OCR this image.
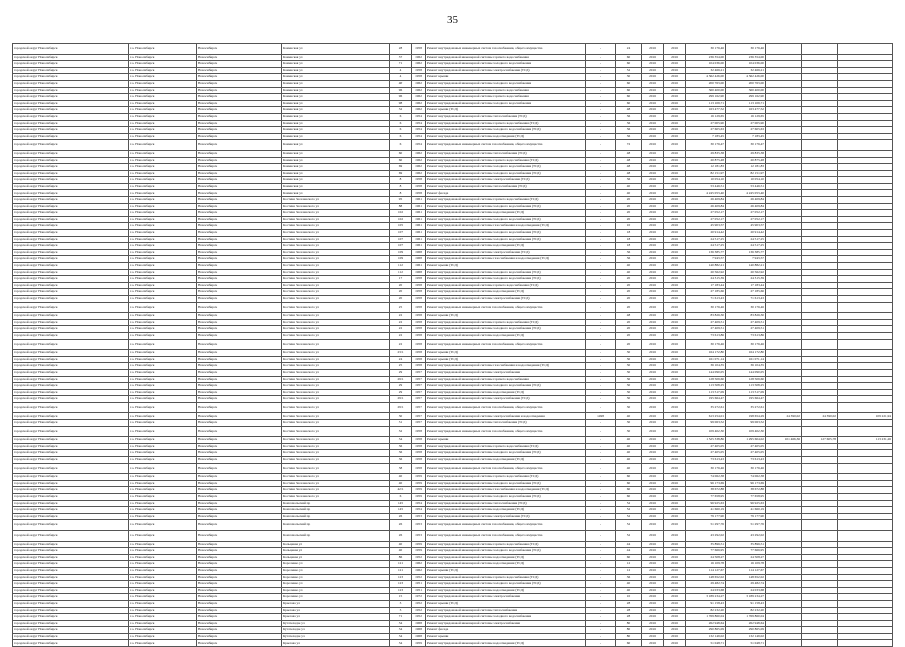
35
городской округ Новосибирск	г.о. Новосибирск	Новосибирск	Каменская ул	28	1958	Ремонт внутридомовых инженерных систем газоснабжения, общего имущества	-	24	2016	2016	30 176,46	30 176,46			
городской округ Новосибирск	г.о. Новосибирск	Новосибирск	Каменская ул	37	1962	Ремонт внутридомовой инженерной системы горячего водоснабжения	-	60	2016	2016	236 354,00	236 354,00			
городской округ Новосибирск	г.о. Новосибирск	Новосибирск	Каменская ул	71	1962	Ремонт внутридомовой инженерной системы холодного водоснабжения	-	60	2016	2016	104 036,00	104 036,00			
городской округ Новосибирск	г.о. Новосибирск	Новосибирск	Каменская ул	4	1958	Ремонт внутридомовой инженерной системы электроснабжения (ТСД)	-	52	2016	2016	32 466,21	32 466,21			
городской округ Новосибирск	г.о. Новосибирск	Новосибирск	Каменская ул	4	1958	Ремонт крыши	-	30	2016	2016	4 362 426,00	4 362 426,00			
городской округ Новосибирск	г.о. Новосибирск	Новосибирск	Каменская ул	4Р	1962	Ремонт внутридомовой инженерной системы холодного водоснабжения	-	60	2016	2016	200 763,00	200 763,00			
городской округ Новосибирск	г.о. Новосибирск	Новосибирск	Каменская ул	96	1962	Ремонт внутридомовой инженерной системы горячего водоснабжения	-	60	2016	2016	360 400,00	360 400,00			
городской округ Новосибирск	г.о. Новосибирск	Новосибирск	Каменская ул	96	1962	Ремонт внутридомовой инженерной системы горячего водоснабжения	-	60	2016	2016	299 162,90	299 162,90			
городской округ Новосибирск	г.о. Новосибирск	Новосибирск	Каменская ул	98	1962	Ремонт внутридомовой инженерной системы холодного водоснабжения	-	60	2016	2016	113 109,71	113 109,71			
городской округ Новосибирск	г.о. Новосибирск	Новосибирск	Каменская ул	32	1962	Ремонт крыши (ТСД)	-	48	2016	2016	163 477,52	163 477,52			
городской округ Новосибирск	г.о. Новосибирск	Новосибирск	Каменская ул	6	1954	Ремонт внутридомовой инженерной системы теплоснабжения (ТСД)	-	36	2016	2016	16 129,65	16 129,65			
городской округ Новосибирск	г.о. Новосибирск	Новосибирск	Каменская ул	6	1954	Ремонт внутридомовой инженерной системы горячего водоснабжения (ТСД)	-	36	2016	2016	27 005,90	27 005,90			
городской округ Новосибирск	г.о. Новосибирск	Новосибирск	Каменская ул	6	1954	Ремонт внутридомовой инженерной системы холодного водоснабжения (ТСД)	-	36	2016	2016	27 605,63	27 605,63			
городской округ Новосибирск	г.о. Новосибирск	Новосибирск	Каменская ул	6	1954	Ремонт внутридомовой инженерной системы водоотведения (ТСД)	-	36	2016	2016	7 183,45	7 183,45			
городской округ Новосибирск	г.о. Новосибирск	Новосибирск	Каменская ул	6	1954	Ремонт внутридомовых инженерных систем газоснабжения, общего имущества	-	72	2016	2016	30 176,47	30 176,47			
городской округ Новосибирск	г.о. Новосибирск	Новосибирск	Каменская ул	60	1962	Ремонт внутридомовой инженерной системы теплоснабжения (ТСД)	-	48	2016	2016	29 835,38	29 835,38			
городской округ Новосибирск	г.о. Новосибирск	Новосибирск	Каменская ул	60	1962	Ремонт внутридомовой инженерной системы горячего водоснабжения (ТСД)	-	48	2016	2016	20 875,48	20 875,48			
городской округ Новосибирск	г.о. Новосибирск	Новосибирск	Каменская ул	69	1962	Ремонт внутридомовой инженерной системы холодного водоснабжения (ТСД)	-	48	2016	2016	12 181,83	12 181,83			
городской округ Новосибирск	г.о. Новосибирск	Новосибирск	Каменская ул	69	1962	Ремонт внутридомовой инженерной системы холодного водоснабжения (ТСД)	-	48	2016	2016	82 151,97	82 151,97			
городской округ Новосибирск	г.о. Новосибирск	Новосибирск	Каменская ул	8	1958	Ремонт внутридомовой инженерной системы электроснабжения (ТСД)	-	36	2016	2016	10 054,10	10 054,10			
городской округ Новосибирск	г.о. Новосибирск	Новосибирск	Каменская ул	8	1958	Ремонт внутридомовой инженерной системы теплоснабжения (ТСД)	-	40	2016	2016	53 446,51	53 446,51			
городской округ Новосибирск	г.о. Новосибирск	Новосибирск	Каменская ул	8	1958	Ремонт фасада	-	40	2016	2016	4 245 053,40	4 245 053,40			
городской округ Новосибирск	г.о. Новосибирск	Новосибирск	Костина Заселенского ул	95	1961	Ремонт внутридомовой инженерной системы горячего водоснабжения (ТСД)	-	20	2016	2016	26 409,84	26 409,84			
городской округ Новосибирск	г.о. Новосибирск	Новосибирск	Костина Заселенского ул	88	1961	Ремонт внутридомовой инженерной системы холодного водоснабжения (ТСД)	-	20	2016	2016	26 409,84	26 409,84			
городской округ Новосибирск	г.о. Новосибирск	Новосибирск	Костина Заселенского ул	102	1961	Ремонт внутридомовой инженерной системы водоотведения (ТСД)	-	20	2016	2016	27 052,17	27 052,17			
городской округ Новосибирск	г.о. Новосибирск	Новосибирск	Костина Заселенского ул	102	1961	Ремонт внутридомовой инженерной системы холодного водоснабжения (ТСД)	-	20	2016	2016	27 052,17	27 052,17			
городской округ Новосибирск	г.о. Новосибирск	Новосибирск	Костина Заселенского ул	105	1961	Ремонт внутридомовой инженерной системы газоснабжения и водоотведения (ТСД)	-	10	2016	2016	45 903,57	45 903,57			
городской округ Новосибирск	г.о. Новосибирск	Новосибирск	Костина Заселенского ул	107	1961	Ремонт внутридомовой инженерной системы холодного водоснабжения (ТСД)	-	18	2016	2016	20 914,42	20 914,42			
городской округ Новосибирск	г.о. Новосибирск	Новосибирск	Костина Заселенского ул	107	1961	Ремонт внутридомовой инженерной системы холодного водоснабжения (ТСД)	-	18	2016	2016	24 517,25	24 517,25			
городской округ Новосибирск	г.о. Новосибирск	Новосибирск	Костина Заселенского ул	107	1961	Ремонт внутридомовой инженерной системы водоотведения (ТСД)	-	18	2016	2016	24 517,25	24 517,25			
городской округ Новосибирск	г.о. Новосибирск	Новосибирск	Костина Заселенского ул	109	1968	Ремонт внутридомовой инженерной системы электроснабжения (ТСД)	-	36	2016	2016	136 385,77	136 385,77			
городской округ Новосибирск	г.о. Новосибирск	Новосибирск	Костина Заселенского ул	109	1968	Ремонт внутридомовой инженерной системы газоснабжения и водоотведения (ТСД)	-	36	2016	2016	7 943,57	7 943,57			
городской округ Новосибирск	г.о. Новосибирск	Новосибирск	Костина Заселенского ул	112	1961	Ремонт крыши (ТСД)	-	40	2016	2016	140 882,21	140 882,21			
городской округ Новосибирск	г.о. Новосибирск	Новосибирск	Костина Заселенского ул	112	1968	Ремонт внутридомовой инженерной системы холодного водоснабжения (ТСД)	-	40	2016	2016	20 562,92	20 562,92			
городской округ Новосибирск	г.о. Новосибирск	Новосибирск	Костина Заселенского ул	17	1958	Ремонт внутридомовой инженерной системы холодного водоснабжения (ТСД)	-	20	2016	2016	24 315,39	24 315,39			
городской округ Новосибирск	г.о. Новосибирск	Новосибирск	Костина Заселенского ул	20	1958	Ремонт внутридомовой инженерной системы горячего водоснабжения (ТСД)	-	20	2016	2016	17 183,44	17 183,44			
городской округ Новосибирск	г.о. Новосибирск	Новосибирск	Костина Заселенского ул	20	1958	Ремонт внутридомовой инженерной системы водоотведения (ТСД)	-	20	2016	2016	27 185,66	27 185,66			
городской округ Новосибирск	г.о. Новосибирск	Новосибирск	Костина Заселенского ул	20	1958	Ремонт внутридомовой инженерной системы электроснабжения (ТСД)	-	20	2016	2016	71 613,43	71 613,43			
городской округ Новосибирск	г.о. Новосибирск	Новосибирск	Костина Заселенского ул	25	1958	Ремонт внутридомовых инженерных систем газоснабжения, общего имущества	-	20	2016	2016	30 176,46	30 176,46			
городской округ Новосибирск	г.о. Новосибирск	Новосибирск	Костина Заселенского ул	22	1958	Ремонт крыши (ТСД)	-	48	2016	2016	83 826,30	83 826,30			
городской округ Новосибирск	г.о. Новосибирск	Новосибирск	Костина Заселенского ул	22	1958	Ремонт внутридомовой инженерной системы горячего водоснабжения (ТСД)	-	20	2016	2016	27 409,51	27 409,51			
городской округ Новосибирск	г.о. Новосибирск	Новосибирск	Костина Заселенского ул	22	1958	Ремонт внутридомовой инженерной системы холодного водоснабжения (ТСД)	-	20	2016	2016	27 409,51	27 409,51			
городской округ Новосибирск	г.о. Новосибирск	Новосибирск	Костина Заселенского ул	22	1958	Ремонт внутридомовой инженерной системы водоотведения (ТСД)	-	20	2016	2016	73 613,86	73 613,86			
городской округ Новосибирск	г.о. Новосибирск	Новосибирск	Костина Заселенского ул	22	1958	Ремонт внутридомовых инженерных систем газоснабжения, общего имущества	-	20	2016	2016	30 176,46	30 176,46			
городской округ Новосибирск	г.о. Новосибирск	Новосибирск	Костина Заселенского ул	23/1	1958	Ремонт крыши (ТСД)	-	30	2016	2016	164 172,80	164 172,80			
городской округ Новосибирск	г.о. Новосибирск	Новосибирск	Костина Заселенского ул	24	1958	Ремонт крыши (ТСД)	-	30	2016	2016	161 071,14	161 071,14			
городской округ Новосибирск	г.о. Новосибирск	Новосибирск	Костина Заселенского ул	25	1958	Ремонт внутридомовой инженерной системы газоснабжения и водоотведения (ТСД)	-	30	2016	2016	36 104,35	36 104,35			
городской округ Новосибирск	г.о. Новосибирск	Новосибирск	Костина Заселенского ул	29	1957	Ремонт внутридомовой инженерной системы электроснабжения	-	30	2016	2016	144 090,05	144 090,05			
городской округ Новосибирск	г.о. Новосибирск	Новосибирск	Костина Заселенского ул	29/1	1957	Ремонт внутридомовой инженерной системы горячего водоснабжения	-	30	2016	2016	128 509,60	128 509,60			
городской округ Новосибирск	г.о. Новосибирск	Новосибирск	Костина Заселенского ул	29	1957	Ремонт внутридомовой инженерной системы холодного водоснабжения (ТСД)	-	30	2016	2016	113 508,25	113 508,25			
городской округ Новосибирск	г.о. Новосибирск	Новосибирск	Костина Заселенского ул	29	1957	Ремонт внутридомовой инженерной системы водоотведения (ТСД)	-	30	2016	2016	113 517,09	113 517,09			
городской округ Новосибирск	г.о. Новосибирск	Новосибирск	Костина Заселенского ул	29/1	1957	Ремонт внутридомовой инженерной системы электроснабжения (ТСД)	-	30	2016	2016	195 664,47	195 664,47			
городской округ Новосибирск	г.о. Новосибирск	Новосибирск	Костина Заселенского ул	29/1	1957	Ремонт внутридомовых инженерных систем газоснабжения, общего имущества	-	30	2016	2016	35 272,61	35 272,61			
городской округ Новосибирск	г.о. Новосибирск	Новосибирск	Костина Заселенского ул	30	1957	Ремонт внутридомовой инженерной системы электроснабжения и водоотведения	1498	40	2016	2016	613 254,01	198 654,29	24 390,02	24 390,02	109 221,94
городской округ Новосибирск	г.о. Новосибирск	Новосибирск	Костина Заселенского ул	31	1957	Ремонт внутридомовой инженерной системы теплоснабжения (ТСД)	-	30	2016	2016	99 063,52	99 063,52			
городской округ Новосибирск	г.о. Новосибирск	Новосибирск	Костина Заселенского ул	32	1958	Ремонт внутридомовых инженерных систем газоснабжения, общего имущества	-	30	2016	2016	109 402,30	109 402,30			
городской округ Новосибирск	г.о. Новосибирск	Новосибирск	Костина Заселенского ул	34	1958	Ремонт крыши	-	40	2016	2016	1 525 338,86	1 295 604,02	101 466,36	127 605,78	113 231,26
городской округ Новосибирск	г.о. Новосибирск	Новосибирск	Костина Заселенского ул	36	1958	Ремонт внутридомовой инженерной системы горячего водоснабжения (ТСД)	-	40	2016	2016	27 405,05	27 405,05			
городской округ Новосибирск	г.о. Новосибирск	Новосибирск	Костина Заселенского ул	36	1958	Ремонт внутридомовой инженерной системы холодного водоснабжения (ТСД)	-	40	2016	2016	27 405,05	27 405,05			
городской округ Новосибирск	г.о. Новосибирск	Новосибирск	Костина Заселенского ул	36	1958	Ремонт внутридомовой инженерной системы водоотведения (ТСД)	-	40	2016	2016	73 613,43	73 613,43			
городской округ Новосибирск	г.о. Новосибирск	Новосибирск	Костина Заселенского ул	38	1958	Ремонт внутридомовых инженерных систем газоснабжения, общего имущества	-	40	2016	2016	30 176,46	30 176,46			
городской округ Новосибирск	г.о. Новосибирск	Новосибирск	Костина Заселенского ул	40	1959	Ремонт внутридомовой инженерной системы горячего водоснабжения (ТСД)	-	60	2016	2016	74 062,38	74 062,38			
городской округ Новосибирск	г.о. Новосибирск	Новосибирск	Костина Заселенского ул	40	1959	Ремонт внутридомовой инженерной системы холодного водоснабжения (ТСД)	-	60	2016	2016	96 173,69	96 173,69			
городской округ Новосибирск	г.о. Новосибирск	Новосибирск	Костина Заселенского ул	42/1	1959	Ремонт внутридомовой инженерной системы газоснабжения и водоотведения (ТСД)	-	60	2016	2016	38 672,88	38 672,88			
городской округ Новосибирск	г.о. Новосибирск	Новосибирск	Костина Заселенского ул	6	1959	Ремонт внутридомовой инженерной системы холодного водоснабжения (ТСД)	-	60	2016	2016	77 658,95	77 658,95			
городской округ Новосибирск	г.о. Новосибирск	Новосибирск	Комсомольский пр	145	1954	Ремонт внутридомовой инженерной системы теплоснабжения (ТСД)	-	52	2016	2016	96 925,63	96 925,63			
городской округ Новосибирск	г.о. Новосибирск	Новосибирск	Комсомольский пр	145	1954	Ремонт внутридомовой инженерной системы водоотведения (ТСД)	-	52	2016	2016	41 660,19	41 660,19			
городской округ Новосибирск	г.о. Новосибирск	Новосибирск	Комсомольский пр	26	1953	Ремонт внутридомовой инженерной системы электроснабжения (ТСД)	-	52	2016	2016	79 177,90	79 177,90			
городской округ Новосибирск	г.о. Новосибирск	Новосибирск	Комсомольский пр	26	1953	Ремонт внутридомовых инженерных систем газоснабжения, общего имущества	-	52	2016	2016	51 297,76	51 297,76			
городской округ Новосибирск	г.о. Новосибирск	Новосибирск	Комсомольский пр	26	1953	Ремонт внутридомовых инженерных систем газоснабжения, общего имущества	-	52	2016	2016	43 292,02	43 292,02			
городской округ Новосибирск	г.о. Новосибирск	Новосибирск	Кольцевая ул	40	1959	Ремонт внутридомовой инженерной системы горячего водоснабжения (ТСД)	-	44	2016	2016	35 896,51	35 896,51			
городской округ Новосибирск	г.о. Новосибирск	Новосибирск	Кольцевая ул	40	1959	Ремонт внутридомовой инженерной системы холодного водоснабжения (ТСД)	-	44	2016	2016	77 666,95	77 666,95			
городской округ Новосибирск	г.о. Новосибирск	Новосибирск	Кольцевая ул	86	1952	Ремонт внутридомовой инженерной системы водоотведения (ТСД)	-	60	2016	2016	24 508,27	24 508,27			
городской округ Новосибирск	г.о. Новосибирск	Новосибирск	Короленко ул	121	1962	Ремонт внутридомовой инженерной системы водоотведения (ТСД)	-	12	2016	2016	16 109,78	16 109,78			
городской округ Новосибирск	г.о. Новосибирск	Новосибирск	Короленко ул	121	1962	Ремонт крыши (ТСД)	-	12	2016	2016	114 127,67	114 127,67			
городской округ Новосибирск	г.о. Новосибирск	Новосибирск	Короленко ул	123	1952	Ремонт внутридомовой инженерной системы горячего водоснабжения (ТСД)	-	36	2016	2016	148 652,02	148 652,02			
городской округ Новосибирск	г.о. Новосибирск	Новосибирск	Короленко ул	123	1951	Ремонт внутридомовой инженерной системы холодного водоснабжения (ТСД)	-	40	2016	2016	29 482,74	29 482,74			
городской округ Новосибирск	г.о. Новосибирск	Новосибирск	Короленко ул	123	1951	Ремонт внутридомовой инженерной системы водоотведения (ТСД)	-	40	2016	2016	24 033,68	24 033,68			
городской округ Новосибирск	г.о. Новосибирск	Новосибирск	Короленко ул	15	1972	Ремонт внутридомовой инженерной системы электроснабжения	-	10	2016	2016	3 189 234,27	3 189 234,27			
городской округ Новосибирск	г.о. Новосибирск	Новосибирск	Крылова ул	3	1952	Ремонт крыши (ТСД)	-	28	2016	2016	91 158,43	91 158,43			
городской округ Новосибирск	г.о. Новосибирск	Новосибирск	Крылова ул	3	1952	Ремонт внутридомовой инженерной системы теплоснабжения	-	28	2016	2016	82 232,20	82 232,20			
городской округ Новосибирск	г.о. Новосибирск	Новосибирск	Крылова ул	71	1952	Ремонт внутридомовой инженерной системы холодного водоснабжения	-	28	2016	2016	1 769 860,04	1 769 860,04			
городской округ Новосибирск	г.о. Новосибирск	Новосибирск	Кутателадзе ул	34	1968	Ремонт внутридомовой инженерной системы электроснабжения	-	80	2016	2016	262 948,64	262 948,64			
городской округ Новосибирск	г.о. Новосибирск	Новосибирск	Кутателадзе ул	34	1968	Ремонт фасада	-	80	2016	2016	290 865,09	290 865,09			
городской округ Новосибирск	г.о. Новосибирск	Новосибирск	Кутателадзе ул	34	1968	Ремонт крыши	-	80	2016	2016	132 149,02	132 149,02			
городской округ Новосибирск	г.о. Новосибирск	Новосибирск	Крылова ул	34	1959	Ремонт внутридомовой инженерной системы водоотведения (ТСД)	-	60	2016	2016	51 048,71	51 048,71			
